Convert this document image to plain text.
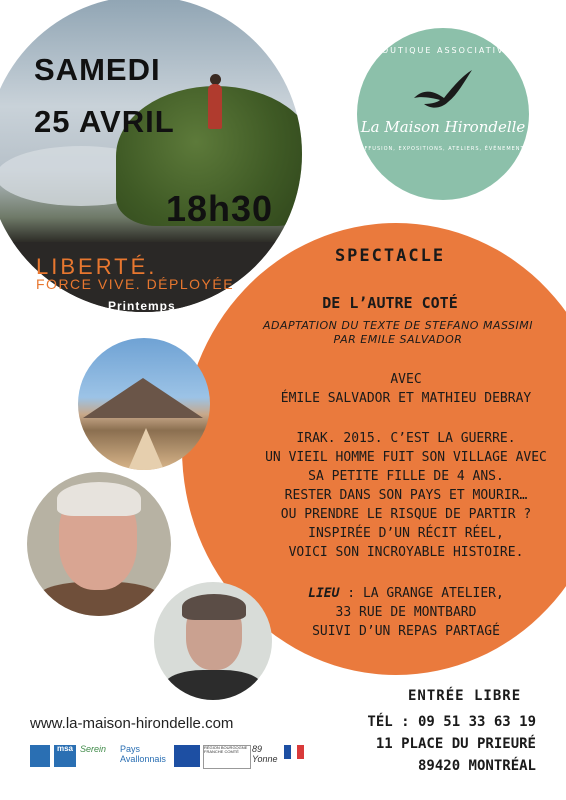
SAMEDI
25 AVRIL
18h30
LIBERTÉ.
FORCE VIVE. DÉPLOYÉE
Printemps
des Poètes
BOUTIQUE ASSOCIATIVE
La Maison Hirondelle
DIFFUSION, EXPOSITIONS, ATELIERS, ÉVÉNEMENTS
SPECTACLE
DE L’AUTRE COTÉ
ADAPTATION DU TEXTE DE STEFANO MASSIMI
PAR EMILE SALVADOR
AVEC
ÉMILE SALVADOR ET MATHIEU DEBRAY
IRAK. 2015. C’EST LA GUERRE.
UN VIEIL HOMME FUIT SON VILLAGE AVEC
SA PETITE FILLE DE 4 ANS.
RESTER DANS SON PAYS ET MOURIR…
OU PRENDRE LE RISQUE DE PARTIR ?
INSPIRÉE D’UN RÉCIT RÉEL,
VOICI SON INCROYABLE HISTOIRE.
LIEU : LA GRANGE ATELIER,
33 RUE DE MONTBARD
SUIVI D’UN REPAS PARTAGÉ
ENTRÉE LIBRE
www.la-maison-hirondelle.com	TÉL : 09 51 33 63 19
11 PLACE DU PRIEURÉ
89420 MONTRÉAL
msa Serein	Pays Avallonnais
RÉGION BOURGOGNE FRANCHE COMTÉ	89 Yonne
